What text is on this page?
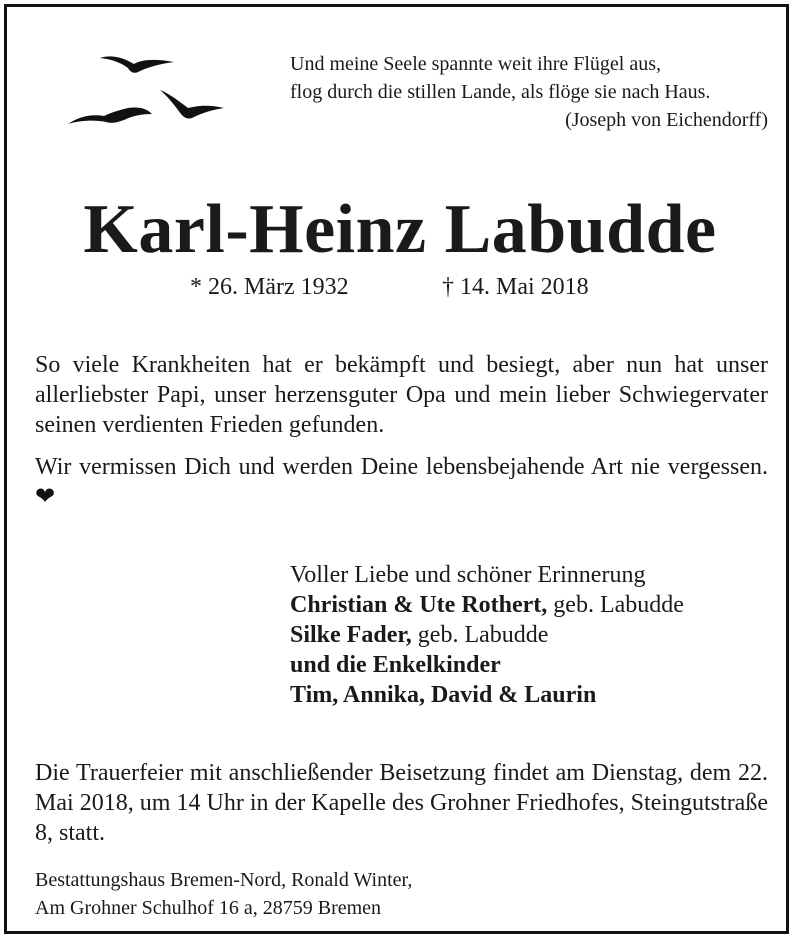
Und meine Seele spannte weit ihre Flügel aus,
flog durch die stillen Lande, als flöge sie nach Haus.
(Joseph von Eichendorff)
Karl-Heinz Labudde
* 26. März 1932	† 14. Mai 2018
So viele Krankheiten hat er bekämpft und besiegt, aber nun hat unser allerliebster Papi, unser herzensguter Opa und mein lieber Schwiegervater seinen verdienten Frieden gefunden.
Wir vermissen Dich und werden Deine lebensbejahende Art nie vergessen. ❤
Voller Liebe und schöner Erinnerung
Christian & Ute Rothert, geb. Labudde
Silke Fader, geb. Labudde
und die Enkelkinder
Tim, Annika, David & Laurin
Die Trauerfeier mit anschließender Beisetzung findet am Dienstag, dem 22. Mai 2018, um 14 Uhr in der Kapelle des Grohner Friedhofes, Steingutstraße 8, statt.
Bestattungshaus Bremen-Nord, Ronald Winter,
Am Grohner Schulhof 16 a, 28759 Bremen
